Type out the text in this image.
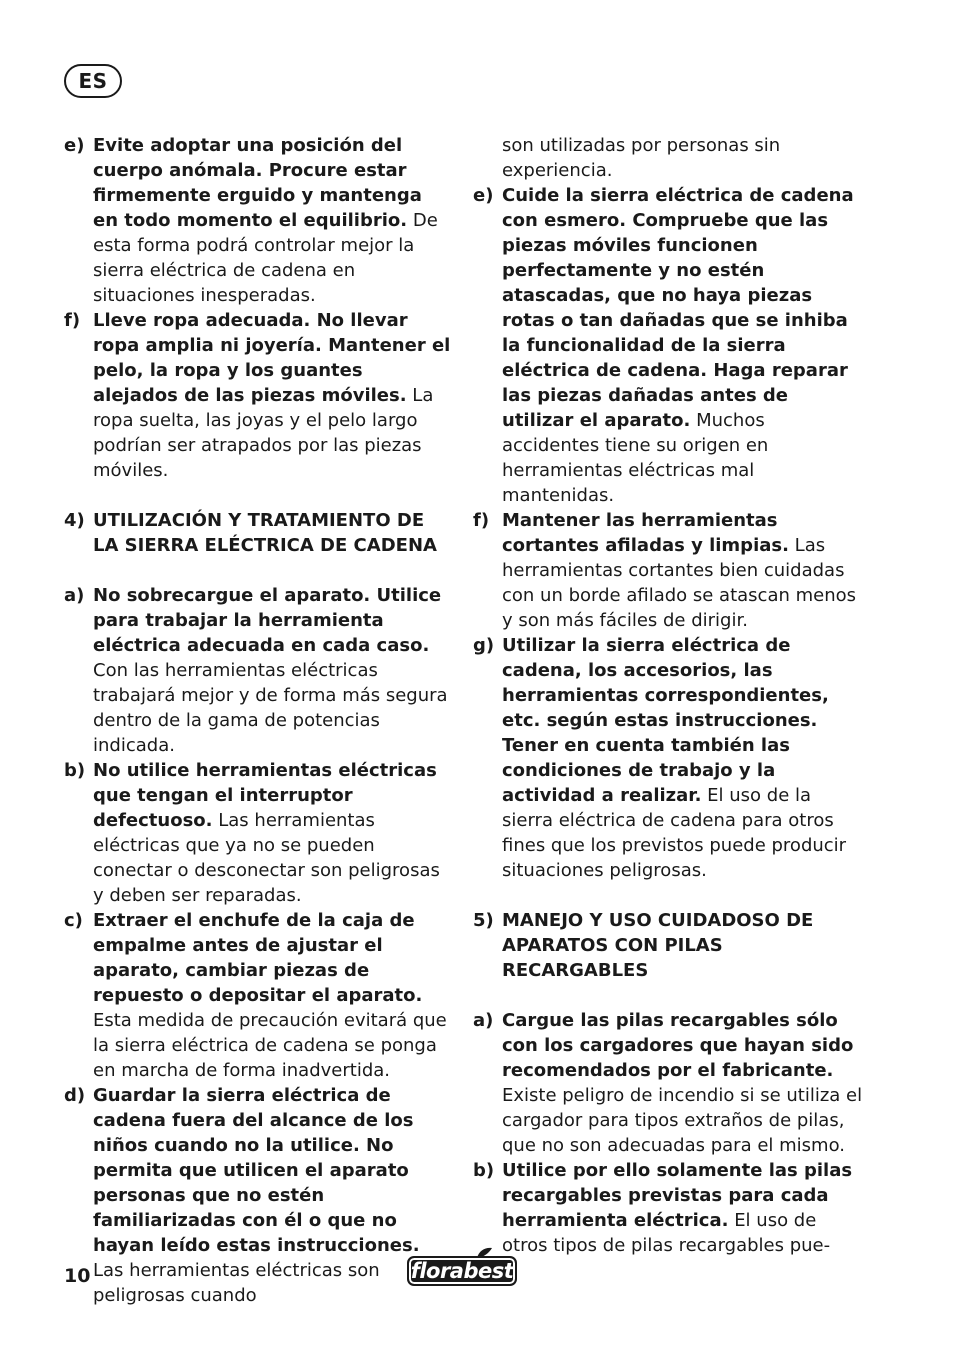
ES
e) Evite adoptar una posición del cuerpo anómala. Procure estar firmemente erguido y mantenga en todo momento el equilibrio. De esta forma podrá controlar mejor la sierra eléctrica de cadena en situaciones inesperadas.
f) Lleve ropa adecuada. No llevar ropa amplia ni joyería. Mantener el pelo, la ropa y los guantes alejados de las piezas móviles. La ropa suelta, las joyas y el pelo largo podrían ser atrapados por las piezas móviles.
4) UTILIZACIÓN Y TRATAMIENTO DE LA SIERRA ELÉCTRICA DE CADENA
a) No sobrecargue el aparato. Utilice para trabajar la herramienta eléctrica adecuada en cada caso. Con las herramientas eléctricas trabajará mejor y de forma más segura dentro de la gama de potencias indicada.
b) No utilice herramientas eléctricas que tengan el interruptor defectuoso. Las herramientas eléctricas que ya no se pueden conectar o desconectar son peligrosas y deben ser reparadas.
c) Extraer el enchufe de la caja de empalme antes de ajustar el aparato, cambiar piezas de repuesto o depositar el aparato. Esta medida de precaución evitará que la sierra eléctrica de cadena se ponga en marcha de forma inadvertida.
d) Guardar la sierra eléctrica de cadena fuera del alcance de los niños cuando no la utilice. No permita que utilicen el aparato personas que no estén familiarizadas con él o que no hayan leído estas instrucciones. Las herramientas eléctricas son peligrosas cuando
son utilizadas por personas sin experiencia.
e) Cuide la sierra eléctrica de cadena con esmero. Compruebe que las piezas móviles funcionen perfectamente y no estén atascadas, que no haya piezas rotas o tan dañadas que se inhiba la funcionalidad de la sierra eléctrica de cadena. Haga reparar las piezas dañadas antes de utilizar el aparato. Muchos accidentes tiene su origen en herramientas eléctricas mal mantenidas.
f) Mantener las herramientas cortantes afiladas y limpias. Las herramientas cortantes bien cuidadas con un borde afilado se atascan menos y son más fáciles de dirigir.
g) Utilizar la sierra eléctrica de cadena, los accesorios, las herramientas correspondientes, etc. según estas instrucciones. Tener en cuenta también las condiciones de trabajo y la actividad a realizar. El uso de la sierra eléctrica de cadena para otros fines que los previstos puede producir situaciones peligrosas.
5) MANEJO Y USO CUIDADOSO DE APARATOS CON PILAS RECARGABLES
a) Cargue las pilas recargables sólo con los cargadores que hayan sido recomendados por el fabricante. Existe peligro de incendio si se utiliza el cargador para tipos extraños de pilas, que no son adecuadas para el mismo.
b) Utilice por ello solamente las pilas recargables previstas para cada herramienta eléctrica. El uso de otros tipos de pilas recargables pue-
10	florabest
